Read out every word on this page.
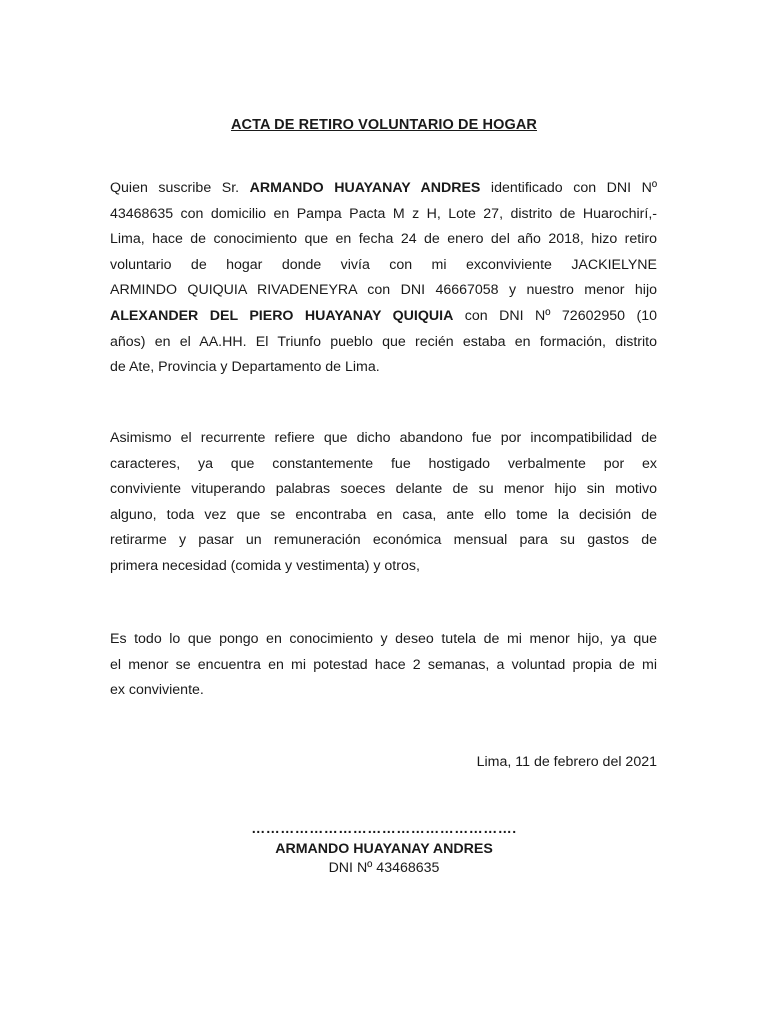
ACTA DE RETIRO VOLUNTARIO DE HOGAR
Quien suscribe Sr. ARMANDO HUAYANAY ANDRES identificado con DNI Nº
43468635 con domicilio en Pampa Pacta M z H, Lote 27, distrito de Huarochirí,-
Lima, hace de conocimiento que en fecha 24 de enero del año 2018, hizo retiro
voluntario de hogar donde vivía con mi exconviviente JACKIELYNE
ARMINDO QUIQUIA RIVADENEYRA con DNI 46667058 y nuestro menor hijo
ALEXANDER DEL PIERO HUAYANAY QUIQUIA con DNI Nº 72602950 (10
años) en el AA.HH. El Triunfo pueblo que recién estaba en formación, distrito
de Ate, Provincia y Departamento de Lima.
Asimismo el recurrente refiere que dicho abandono fue por incompatibilidad de
caracteres, ya que constantemente fue hostigado verbalmente por ex
conviviente vituperando palabras soeces delante de su menor hijo sin motivo
alguno, toda vez que se encontraba en casa, ante ello tome la decisión de
retirarme y pasar un remuneración económica mensual para su gastos de
primera necesidad (comida y vestimenta) y otros,
Es todo lo que pongo en conocimiento y deseo tutela de mi menor hijo, ya que
el menor se encuentra en mi potestad hace 2 semanas, a voluntad propia de mi
ex conviviente.
Lima, 11 de febrero del 2021
……………………………………………….
ARMANDO HUAYANAY ANDRES
DNI Nº 43468635
